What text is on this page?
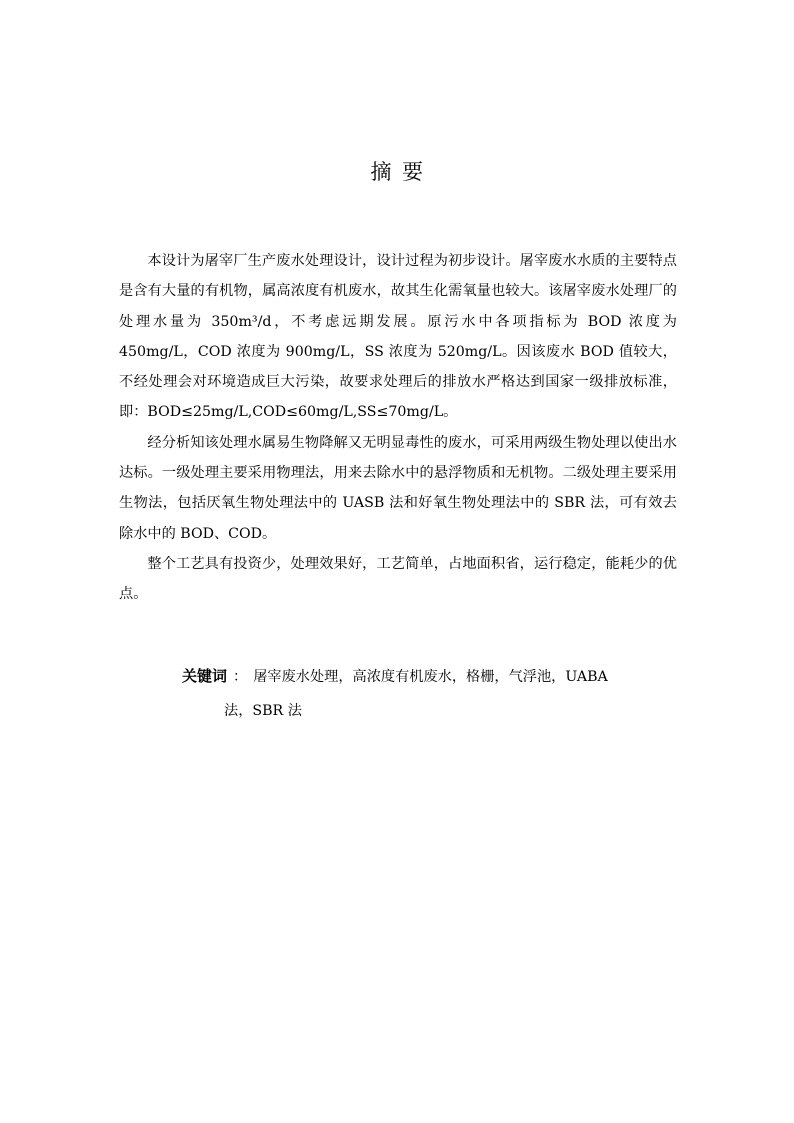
摘要

本设计为屠宰厂生产废水处理设计，设计过程为初步设计。屠宰废水水质的主要特点是含有大量的有机物，属高浓度有机废水，故其生化需氧量也较大。该屠宰废水处理厂的处理水量为 350m³/d，不考虑远期发展。原污水中各项指标为 BOD 浓度为 450mg/L，COD 浓度为 900mg/L，SS 浓度为 520mg/L。因该废水 BOD 值较大，不经处理会对环境造成巨大污染，故要求处理后的排放水严格达到国家一级排放标准，即：BOD≤25mg/L,COD≤60mg/L,SS≤70mg/L。

经分析知该处理水属易生物降解又无明显毒性的废水，可采用两级生物处理以使出水达标。一级处理主要采用物理法，用来去除水中的悬浮物质和无机物。二级处理主要采用生物法，包括厌氧生物处理法中的 UASB 法和好氧生物处理法中的 SBR 法，可有效去除水中的 BOD、COD。

整个工艺具有投资少，处理效果好，工艺简单，占地面积省，运行稳定，能耗少的优点。

关键词 ： 屠宰废水处理，高浓度有机废水，格栅，气浮池，UABA
法，SBR 法
